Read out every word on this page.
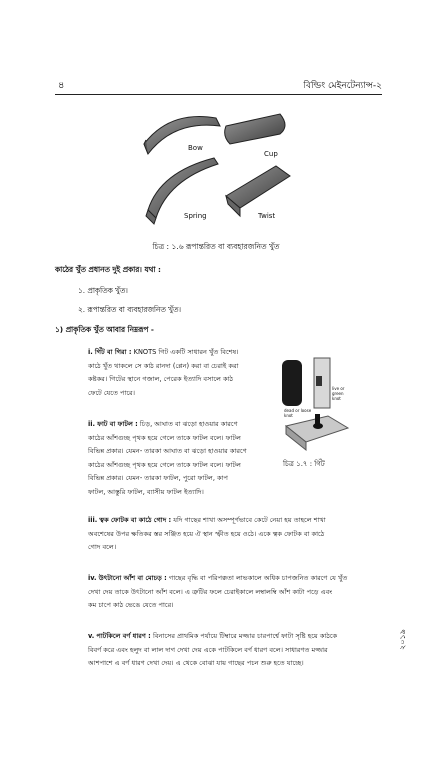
৪	বিল্ডিং মেইনটেন্যান্স-২
Bow
Cup
Spring	Twist
চিত্র : ১.৬ রূপান্তরিত বা ব্যবহারজনিত খুঁত
কাঠের খুঁত প্রধানত দুই প্রকার। যথা :
১. প্রাকৃতিক খুঁত।
২. রূপান্তরিত বা ব্যবহারজনিত খুঁত।
১) প্রাকৃতিক খুঁত আবার নিম্নরূপ -
i. গিঁট বা গিরা : KNOTS গিট একটি সাধারন খুঁত বিশেষ।
কাঠে খুঁত থাকলে সে কাঠ রানদা (প্লেন) করা বা চেরাই করা
কষ্টকর। গিটের স্থানে গজাল, পেরেক ইত্যাদি বসালে কাঠ
ফেটে যেতে পারে।
ii. ফাট বা ফাটল : চিড়, আঘাত বা ঝড়ো হাওয়ার কারণে
কাঠের আঁশগুচ্ছ পৃথক হয়ে গেলে তাকে ফাটল বলে। ফাটল
বিভিন্ন প্রকার। যেমন- তারকা আঘাত বা ঝড়ো হাওয়ার কারণে
কাঠের আঁশগুচ্ছ পৃথক হয়ে গেলে তাকে ফাটল বলে। ফাটল
বিভিন্ন প্রকার। যেমন- তারকা ফাটল, পুরো ফাটল, কাপ
ফাটল, আস্তুরি ফাটল, ব্যাসীয় ফাটল ইত্যাদি।
live or green knot
dead or loose knot
চিত্র ১.৭ : গিঁট
iii. ত্বক ফোটক বা কাঠে গোদ : যদি গাছের শাখা অসম্পূর্ণভাবে কেটে নেয়া হয় তাহলে শাখা
অবশেষের উপর ক্ষতিকর স্তর সঞ্জিত হয়ে ঐ স্থান স্ফীত হয়ে ওঠে। একে ত্বক ফোটক বা কাঠে
গোদ বলে।
iv. উৎটানো আঁশ বা মোচড় : গাছের বৃদ্ধি বা পরিপক্কতা লাভকালে অধিক চাপজনিত কারণে যে খুঁত
দেখা দেয় তাকে উৎটানো আঁশ বলে। এ ত্রুটির ফলে চেরাইকালে লম্বালম্বি আঁশ কাটা পড়ে এবং
কম চাপে কাঠ ভেঙে যেতে পারে।
v. পাটকিলে বর্ণ ধারণ : বিনাসের প্রাথমিক পর্যায়ে টিম্বারে মজ্জার চারপার্শ্বে ফাটা সৃষ্টি হয়ে কাঠকে
বিবর্ণ করে এবং হলুদ বা লাল দাগ দেখা দেয় একে পাটকিলে বর্ণ ধারণ বলে। সাধারণত মজ্জার
আশপাশে এ বর্ণ ধারণ দেখা দেয়। এ থেকে বোঝা যায় গাছের পচন শুরু হতে যাচ্ছে।
২০১৯
